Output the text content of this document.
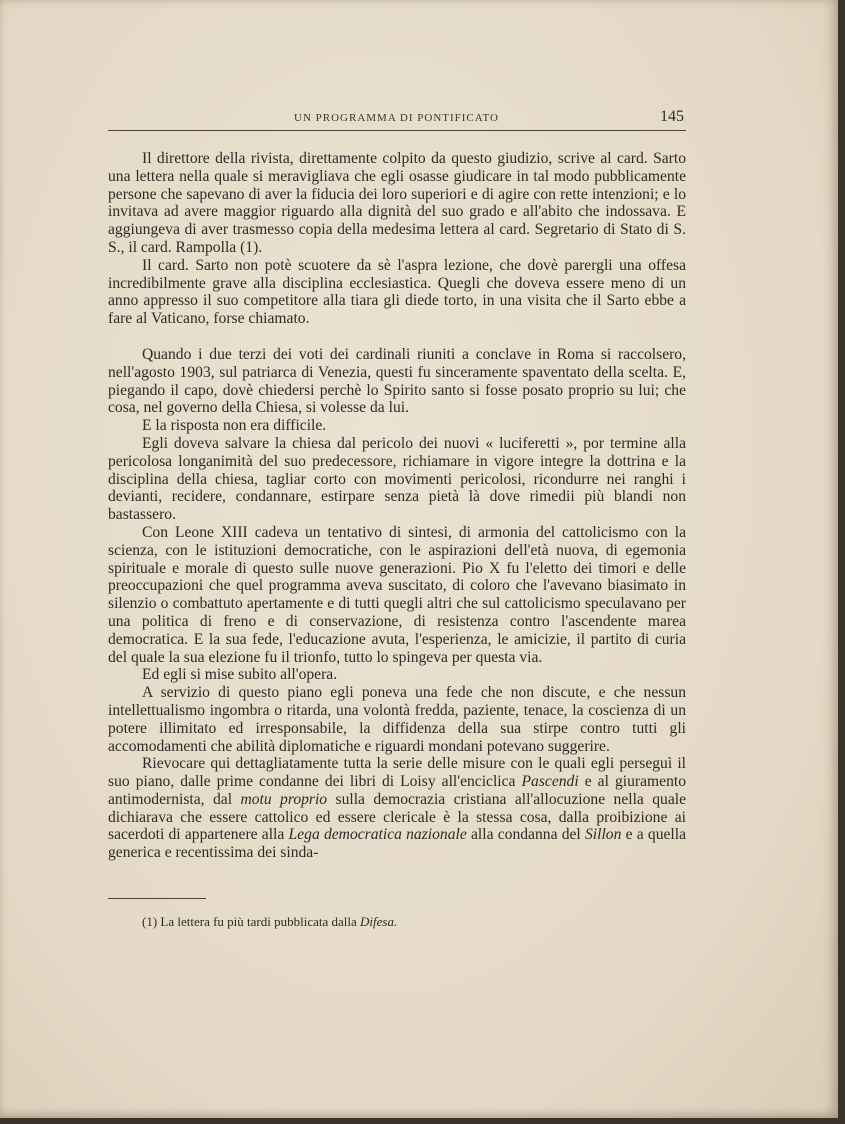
UN PROGRAMMA DI PONTIFICATO	145

Il direttore della rivista, direttamente colpito da questo giudizio, scrive al card. Sarto una lettera nella quale si meravigliava che egli osasse giudicare in tal modo pubblicamente persone che sapevano di aver la fiducia dei loro superiori e di agire con rette intenzioni; e lo invitava ad avere maggior riguardo alla dignità del suo grado e all'abito che indossava. E aggiungeva di aver trasmesso copia della medesima lettera al card. Segretario di Stato di S. S., il card. Rampolla (1).

Il card. Sarto non potè scuotere da sè l'aspra lezione, che dovè parergli una offesa incredibilmente grave alla disciplina ecclesiastica. Quegli che doveva essere meno di un anno appresso il suo competitore alla tiara gli diede torto, in una visita che il Sarto ebbe a fare al Vaticano, forse chiamato.

Quando i due terzi dei voti dei cardinali riuniti a conclave in Roma si raccolsero, nell'agosto 1903, sul patriarca di Venezia, questi fu sinceramente spaventato della scelta. E, piegando il capo, dovè chiedersi perchè lo Spirito santo si fosse posato proprio su lui; che cosa, nel governo della Chiesa, si volesse da lui.

E la risposta non era difficile.

Egli doveva salvare la chiesa dal pericolo dei nuovi « luciferetti », por termine alla pericolosa longanimità del suo predecessore, richiamare in vigore integre la dottrina e la disciplina della chiesa, tagliar corto con movimenti pericolosi, ricondurre nei ranghi i devianti, recidere, condannare, estirpare senza pietà là dove rimedii più blandi non bastassero.

Con Leone XIII cadeva un tentativo di sintesi, di armonia del cattolicismo con la scienza, con le istituzioni democratiche, con le aspirazioni dell'età nuova, di egemonia spirituale e morale di questo sulle nuove generazioni. Pio X fu l'eletto dei timori e delle preoccupazioni che quel programma aveva suscitato, di coloro che l'avevano biasimato in silenzio o combattuto apertamente e di tutti quegli altri che sul cattolicismo speculavano per una politica di freno e di conservazione, di resistenza contro l'ascendente marea democratica. E la sua fede, l'educazione avuta, l'esperienza, le amicizie, il partito di curia del quale la sua elezione fu il trionfo, tutto lo spingeva per questa via.

Ed egli si mise subito all'opera.

A servizio di questo piano egli poneva una fede che non discute, e che nessun intellettualismo ingombra o ritarda, una volontà fredda, paziente, tenace, la coscienza di un potere illimitato ed irresponsabile, la diffidenza della sua stirpe contro tutti gli accomodamenti che abilità diplomatiche e riguardi mondani potevano suggerire.

Rievocare qui dettagliatamente tutta la serie delle misure con le quali egli perseguì il suo piano, dalle prime condanne dei libri di Loisy all'enciclica Pascendi e al giuramento antimodernista, dal motu proprio sulla democrazia cristiana all'allocuzione nella quale dichiarava che essere cattolico ed essere clericale è la stessa cosa, dalla proibizione ai sacerdoti di appartenere alla Lega democratica nazionale alla condanna del Sillon e a quella generica e recentissima dei sinda-

(1) La lettera fu più tardi pubblicata dalla Difesa.
